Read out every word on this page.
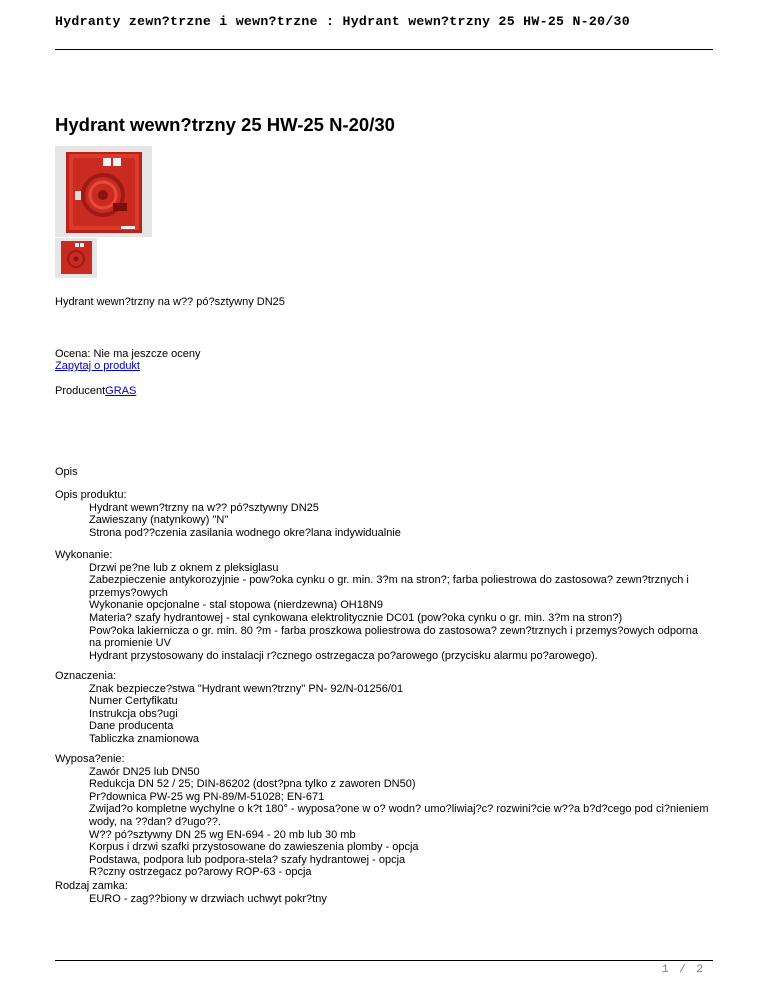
Hydranty zewn?trzne i wewn?trzne : Hydrant wewn?trzny 25 HW-25 N-20/30
Hydrant wewn?trzny 25 HW-25 N-20/30
Hydrant wewn?trzny na w?? pó?sztywny DN25
Ocena: Nie ma jeszcze oceny
Zapytaj o produkt
ProducentGRAS
Opis
Opis produktu:
Hydrant wewn?trzny na w?? pó?sztywny DN25
Zawieszany (natynkowy) "N"
Strona pod??czenia zasilania wodnego okre?lana indywidualnie
Wykonanie:
Drzwi pe?ne lub z oknem z pleksiglasu
Zabezpieczenie antykorozyjnie - pow?oka cynku o gr. min. 3?m na stron?; farba poliestrowa do zastosowa? zewn?trznych i przemys?owych
Wykonanie opcjonalne - stal stopowa (nierdzewna) OH18N9
Materia? szafy hydrantowej - stal cynkowana elektrolitycznie DC01 (pow?oka cynku o gr. min. 3?m na stron?)
Pow?oka lakiernicza o gr. min. 80 ?m - farba proszkowa poliestrowa do zastosowa? zewn?trznych i przemys?owych odporna na promienie UV
Hydrant przystosowany do instalacji r?cznego ostrzegacza po?arowego (przycisku alarmu po?arowego).
Oznaczenia:
Znak bezpiecze?stwa "Hydrant wewn?trzny" PN- 92/N-01256/01
Numer Certyfikatu
Instrukcja obs?ugi
Dane producenta
Tabliczka znamionowa
Wyposa?enie:
Zawór DN25 lub DN50
Redukcja DN 52 / 25; DIN-86202 (dost?pna tylko z zaworen DN50)
Pr?downica PW-25 wg PN-89/M-51028; EN-671
Zwijad?o kompletne wychylne o k?t 180° - wyposa?one w o? wodn? umo?liwiaj?c? rozwini?cie w??a b?d?cego pod ci?nieniem wody, na ??dan? d?ugo??.
W?? pó?sztywny DN 25 wg EN-694 - 20 mb lub 30 mb
Korpus i drzwi szafki przystosowane do zawieszenia plomby - opcja
Podstawa, podpora lub podpora-stela? szafy hydrantowej - opcja
R?czny ostrzegacz po?arowy ROP-63 - opcja
Rodzaj zamka:
EURO - zag??biony w drzwiach uchwyt pokr?tny
1 / 2
